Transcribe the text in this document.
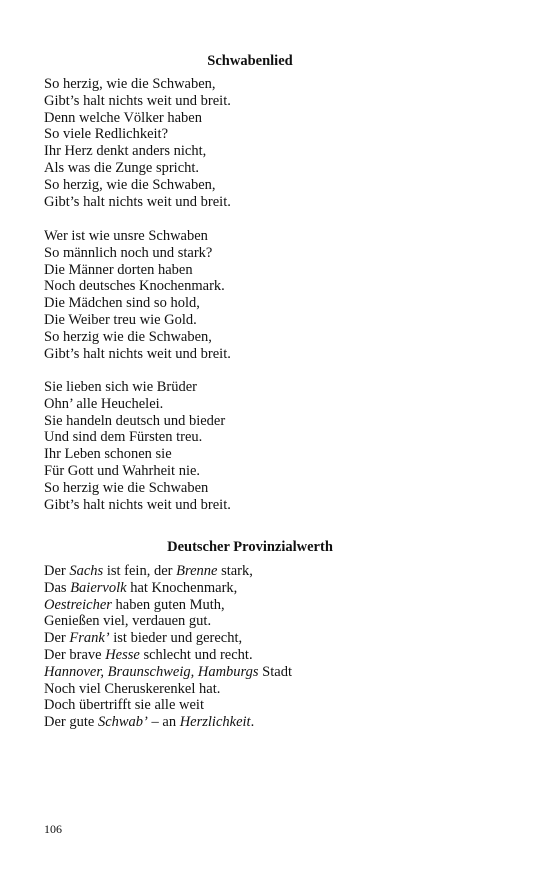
Schwabenlied
So herzig, wie die Schwaben,
Gibt’s halt nichts weit und breit.
Denn welche Völker haben
So viele Redlichkeit?
Ihr Herz denkt anders nicht,
Als was die Zunge spricht.
So herzig, wie die Schwaben,
Gibt’s halt nichts weit und breit.
Wer ist wie unsre Schwaben
So männlich noch und stark?
Die Männer dorten haben
Noch deutsches Knochenmark.
Die Mädchen sind so hold,
Die Weiber treu wie Gold.
So herzig wie die Schwaben,
Gibt’s halt nichts weit und breit.
Sie lieben sich wie Brüder
Ohn’ alle Heuchelei.
Sie handeln deutsch und bieder
Und sind dem Fürsten treu.
Ihr Leben schonen sie
Für Gott und Wahrheit nie.
So herzig wie die Schwaben
Gibt’s halt nichts weit und breit.
Deutscher Provinzialwerth
Der Sachs ist fein, der Brenne stark,
Das Baiervolk hat Knochenmark,
Oestreicher haben guten Muth,
Genießen viel, verdauen gut.
Der Frank’ ist bieder und gerecht,
Der brave Hesse schlecht und recht.
Hannover, Braunschweig, Hamburgs Stadt
Noch viel Cheruskerenkel hat.
Doch übertrifft sie alle weit
Der gute Schwab’ – an Herzlichkeit.

106
